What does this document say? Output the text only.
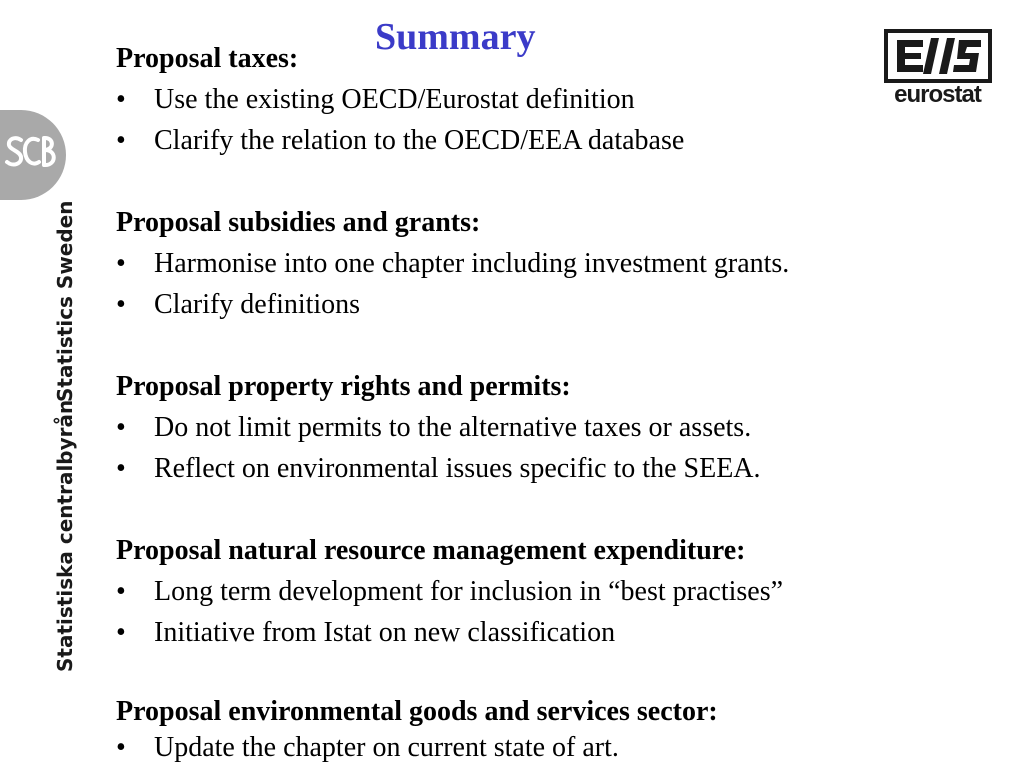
Statistics Sweden
Statistiska centralbyrån
Summary
eurostat
Proposal taxes:
• Use the existing OECD/Eurostat definition
• Clarify the relation to the OECD/EEA database
Proposal subsidies and grants:
• Harmonise into one chapter including investment grants.
• Clarify definitions
Proposal property rights and permits:
• Do not limit permits to the alternative taxes or assets.
• Reflect on environmental issues specific to the SEEA.
Proposal natural resource management expenditure:
• Long term development for inclusion in “best practises”
• Initiative from Istat on new classification
Proposal environmental goods and services sector:
• Update the chapter on current state of art.
